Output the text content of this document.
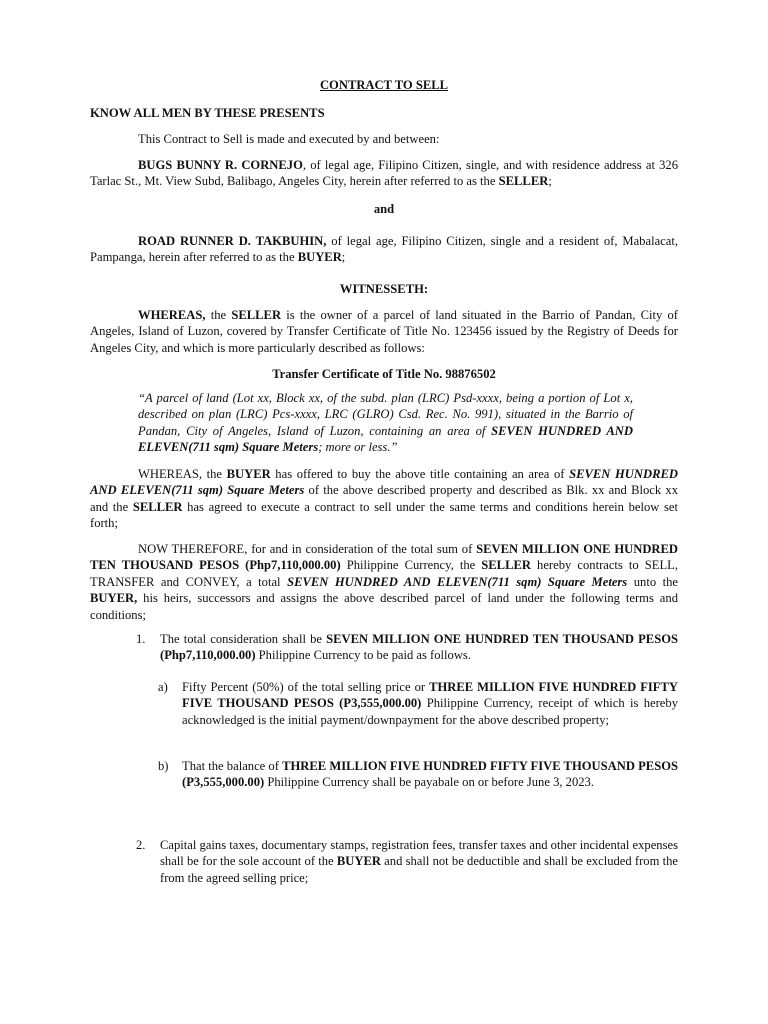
CONTRACT TO SELL

KNOW ALL MEN BY THESE PRESENTS

This Contract to Sell is made and executed by and between:

BUGS BUNNY R. CORNEJO, of legal age, Filipino Citizen, single, and with residence address at 326 Tarlac St., Mt. View Subd, Balibago, Angeles City, herein after referred to as the SELLER;

and

ROAD RUNNER D. TAKBUHIN, of legal age, Filipino Citizen, single and a resident of, Mabalacat, Pampanga, herein after referred to as the BUYER;

WITNESSETH:

WHEREAS, the SELLER is the owner of a parcel of land situated in the Barrio of Pandan, City of Angeles, Island of Luzon, covered by Transfer Certificate of Title No. 123456 issued by the Registry of Deeds for Angeles City, and which is more particularly described as follows:

Transfer Certificate of Title No. 98876502

“A parcel of land (Lot xx, Block xx, of the subd. plan (LRC) Psd-xxxx, being a portion of Lot x, described on plan (LRC) Pcs-xxxx, LRC (GLRO) Csd. Rec. No. 991), situated in the Barrio of Pandan, City of Angeles, Island of Luzon, containing an area of SEVEN HUNDRED AND ELEVEN(711 sqm) Square Meters; more or less.”

WHEREAS, the BUYER has offered to buy the above title containing an area of SEVEN HUNDRED AND ELEVEN(711 sqm) Square Meters of the above described property and described as Blk. xx and Block xx and the SELLER has agreed to execute a contract to sell under the same terms and conditions herein below set forth;

NOW THEREFORE, for and in consideration of the total sum of SEVEN MILLION ONE HUNDRED TEN THOUSAND PESOS (Php7,110,000.00) Philippine Currency, the SELLER hereby contracts to SELL, TRANSFER and CONVEY, a total SEVEN HUNDRED AND ELEVEN(711 sqm) Square Meters unto the BUYER, his heirs, successors and assigns the above described parcel of land under the following terms and conditions;

1.	The total consideration shall be SEVEN MILLION ONE HUNDRED TEN THOUSAND PESOS (Php7,110,000.00) Philippine Currency to be paid as follows.
a)	Fifty Percent (50%) of the total selling price or THREE MILLION FIVE HUNDRED FIFTY FIVE THOUSAND PESOS (P3,555,000.00) Philippine Currency, receipt of which is hereby acknowledged is the initial payment/downpayment for the above described property;
b)	That the balance of THREE MILLION FIVE HUNDRED FIFTY FIVE THOUSAND PESOS (P3,555,000.00) Philippine Currency shall be payabale on or before June 3, 2023.
2.	Capital gains taxes, documentary stamps, registration fees, transfer taxes and other incidental expenses shall be for the sole account of the BUYER and shall not be deductible and shall be excluded from the from the agreed selling price;
